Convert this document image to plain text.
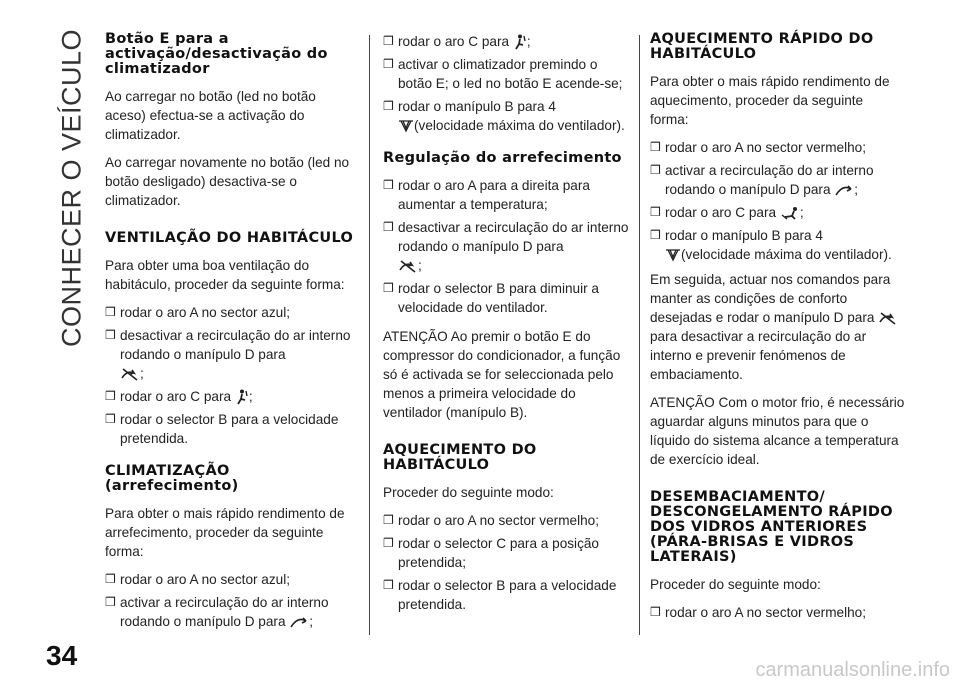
CONHECER O VEÍCULO
34	carmanualsonline.info
Botão E para a activação/desactivação do climatizador

Ao carregar no botão (led no botão aceso) efectua-se a activação do climatizador.

Ao carregar novamente no botão (led no botão desligado) desactiva-se o climatizador.

VENTILAÇÃO DO HABITÁCULO

Para obter uma boa ventilação do habitáculo, proceder da seguinte forma:

❒ rodar o aro A no sector azul;
❒ desactivar a recirculação do ar interno rodando o manípulo D para
;
❒ rodar o aro C para ;
❒ rodar o selector B para a velocidade pretendida.
CLIMATIZAÇÃO (arrefecimento)

Para obter o mais rápido rendimento de arrefecimento, proceder da seguinte forma:

❒ rodar o aro A no sector azul;
❒ activar a recirculação do ar interno rodando o manípulo D para ;
❒ rodar o aro C para ;
❒ activar o climatizador premindo o botão E; o led no botão E acende-se;
❒ rodar o manípulo B para 4
(velocidade máxima do ventilador).
Regulação do arrefecimento
❒ rodar o aro A para a direita para aumentar a temperatura;
❒ desactivar a recirculação do ar interno rodando o manípulo D para
;
❒ rodar o selector B para diminuir a velocidade do ventilador.

ATENÇÃO Ao premir o botão E do compressor do condicionador, a função só é activada se for seleccionada pelo menos a primeira velocidade do ventilador (manípulo B).

AQUECIMENTO DO HABITÁCULO

Proceder do seguinte modo:

❒ rodar o aro A no sector vermelho;
❒ rodar o selector C para a posição pretendida;
❒ rodar o selector B para a velocidade pretendida.
AQUECIMENTO RÁPIDO DO HABITÁCULO

Para obter o mais rápido rendimento de aquecimento, proceder da seguinte forma:

❒ rodar o aro A no sector vermelho;
❒ activar a recirculação do ar interno rodando o manípulo D para ;
❒ rodar o aro C para ;
❒ rodar o manípulo B para 4
(velocidade máxima do ventilador).

Em seguida, actuar nos comandos para manter as condições de conforto desejadas e rodar o manípulo D para para desactivar a recirculação do ar interno e prevenir fenómenos de embaciamento.

ATENÇÃO Com o motor frio, é necessário aguardar alguns minutos para que o líquido do sistema alcance a temperatura de exercício ideal.

DESEMBACIAMENTO/ DESCONGELAMENTO RÁPIDO DOS VIDROS ANTERIORES (PÁRA-BRISAS E VIDROS LATERAIS)

Proceder do seguinte modo:

❒ rodar o aro A no sector vermelho;
